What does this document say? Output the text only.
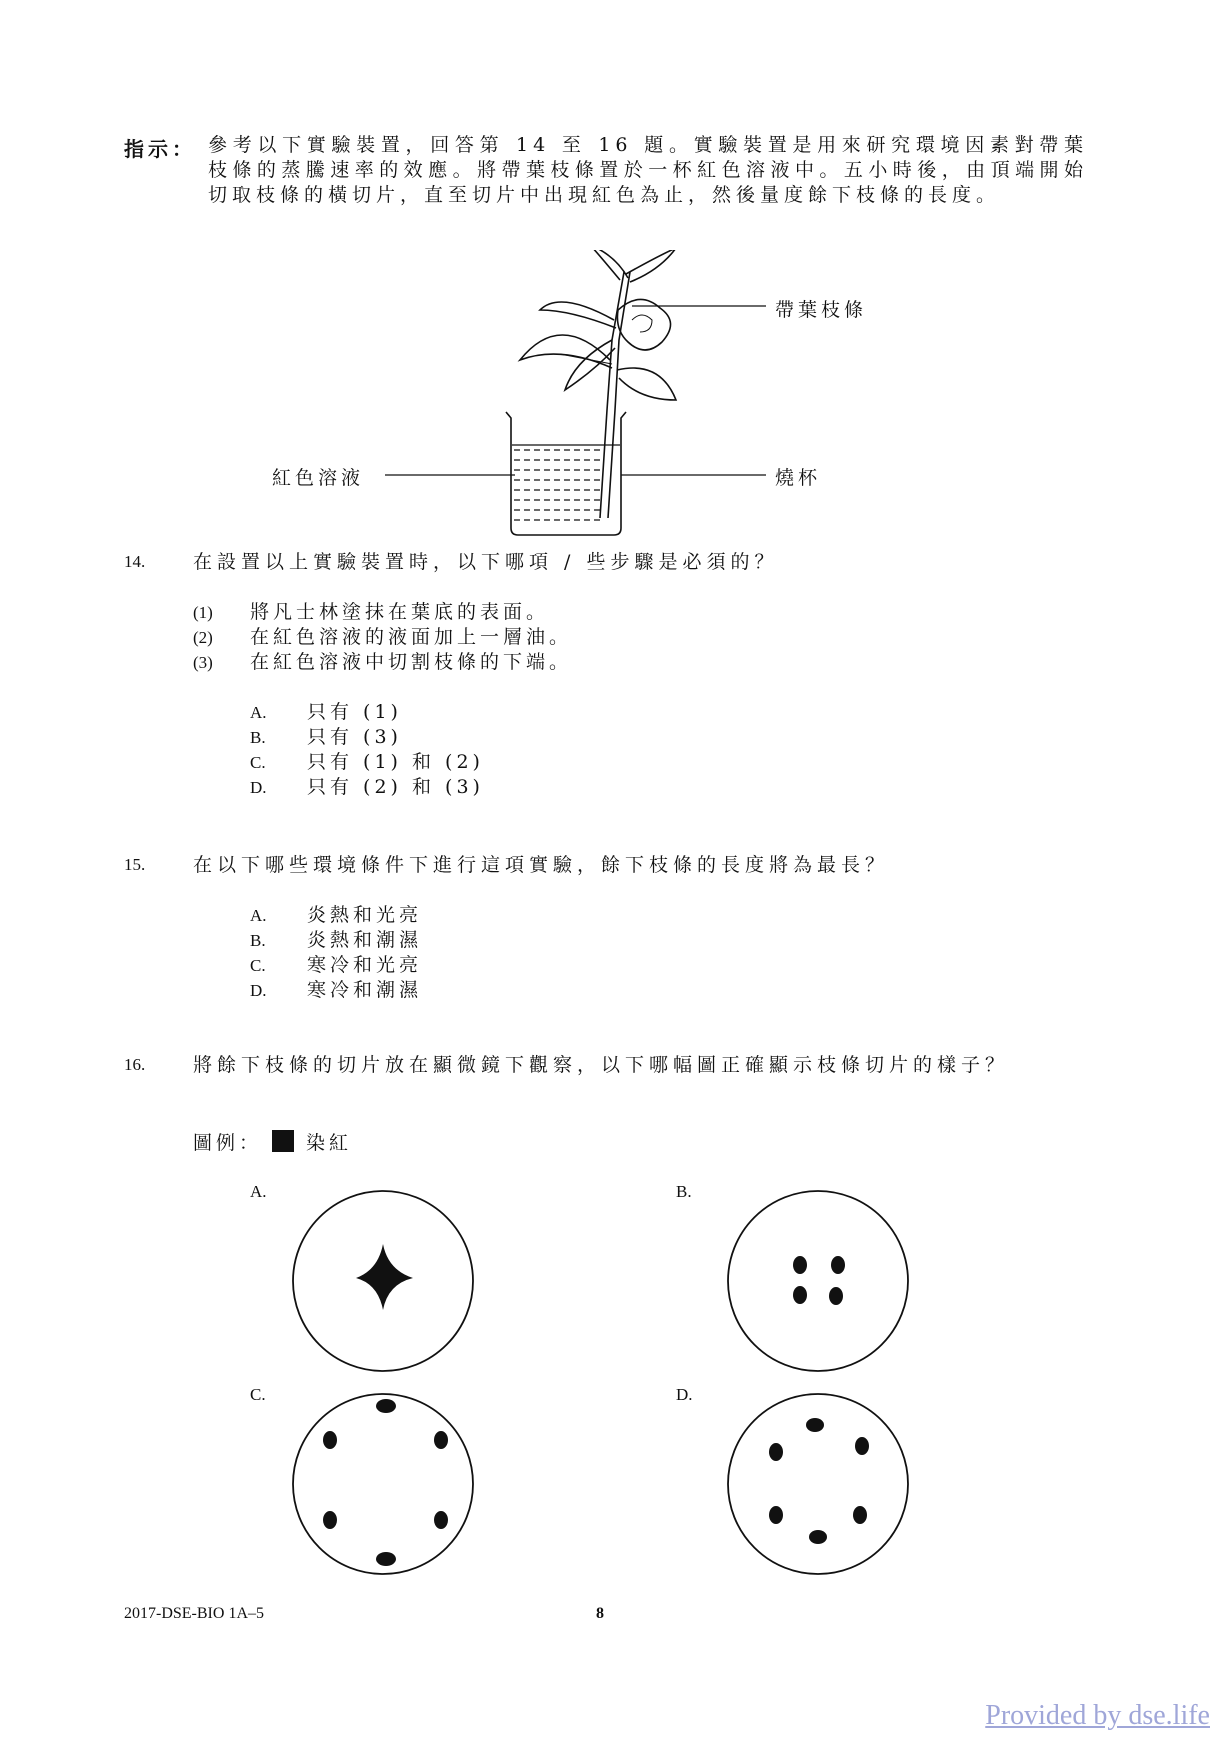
指示： 參考以下實驗裝置，回答第 14 至 16 題。實驗裝置是用來研究環境因素對帶葉枝條的蒸騰速率的效應。將帶葉枝條置於一杯紅色溶液中。五小時後，由頂端開始切取枝條的橫切片，直至切片中出現紅色為止，然後量度餘下枝條的長度。
帶葉枝條
紅色溶液	燒杯
14.	在設置以上實驗裝置時，以下哪項 / 些步驟是必須的？
(1) 將凡士林塗抹在葉底的表面。
(2) 在紅色溶液的液面加上一層油。
(3) 在紅色溶液中切割枝條的下端。
A. 只有 (1)
B. 只有 (3)
C. 只有 (1) 和 (2)
D. 只有 (2) 和 (3)
15.	在以下哪些環境條件下進行這項實驗，餘下枝條的長度將為最長？
A. 炎熱和光亮
B. 炎熱和潮濕
C. 寒冷和光亮
D. 寒冷和潮濕
16.	將餘下枝條的切片放在顯微鏡下觀察，以下哪幅圖正確顯示枝條切片的樣子？
圖例： 染紅
A.	B.
C.	D.
2017-DSE-BIO 1A–5	8
Provided by dse.life
